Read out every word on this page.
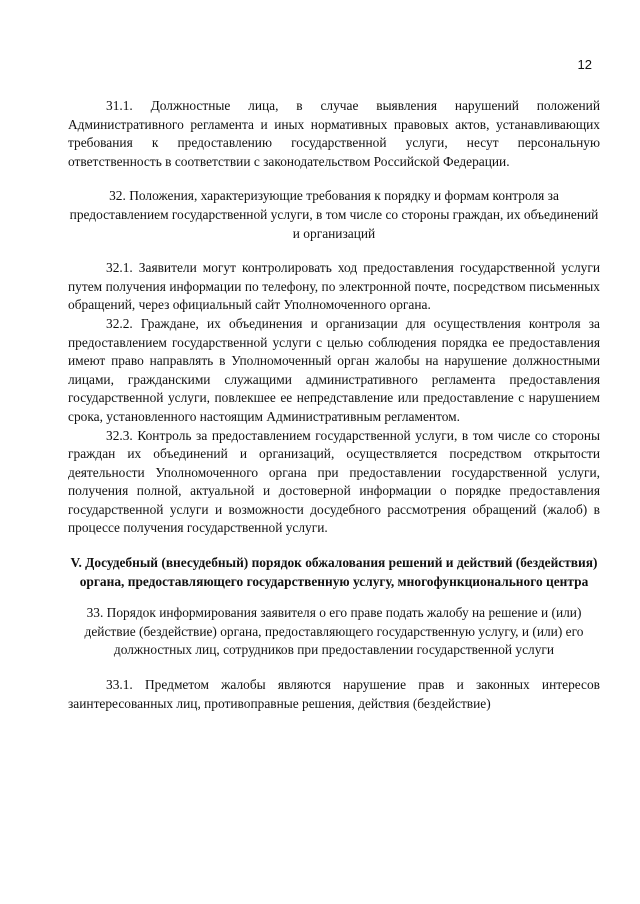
12

31.1. Должностные лица, в случае выявления нарушений положений Административного регламента и иных нормативных правовых актов, устанавливающих требования к предоставлению государственной услуги, несут персональную ответственность в соответствии с законодательством Российской Федерации.

32. Положения, характеризующие требования к порядку и формам контроля за предоставлением государственной услуги, в том числе со стороны граждан, их объединений и организаций

32.1. Заявители могут контролировать ход предоставления государственной услуги путем получения информации по телефону, по электронной почте, посредством письменных обращений, через официальный сайт Уполномоченного органа.

32.2. Граждане, их объединения и организации для осуществления контроля за предоставлением государственной услуги с целью соблюдения порядка ее предоставления имеют право направлять в Уполномоченный орган жалобы на нарушение должностными лицами, гражданскими служащими административного регламента предоставления государственной услуги, повлекшее ее непредставление или предоставление с нарушением срока, установленного настоящим Административным регламентом.

32.3. Контроль за предоставлением государственной услуги, в том числе со стороны граждан их объединений и организаций, осуществляется посредством открытости деятельности Уполномоченного органа при предоставлении государственной услуги, получения полной, актуальной и достоверной информации о порядке предоставления государственной услуги и возможности досудебного рассмотрения обращений (жалоб) в процессе получения государственной услуги.

V. Досудебный (внесудебный) порядок обжалования решений и действий (бездействия) органа, предоставляющего государственную услугу, многофункционального центра

33. Порядок информирования заявителя о его праве подать жалобу на решение и (или) действие (бездействие) органа, предоставляющего государственную услугу, и (или) его должностных лиц, сотрудников при предоставлении государственной услуги

33.1. Предметом жалобы являются нарушение прав и законных интересов заинтересованных лиц, противоправные решения, действия (бездействие)
